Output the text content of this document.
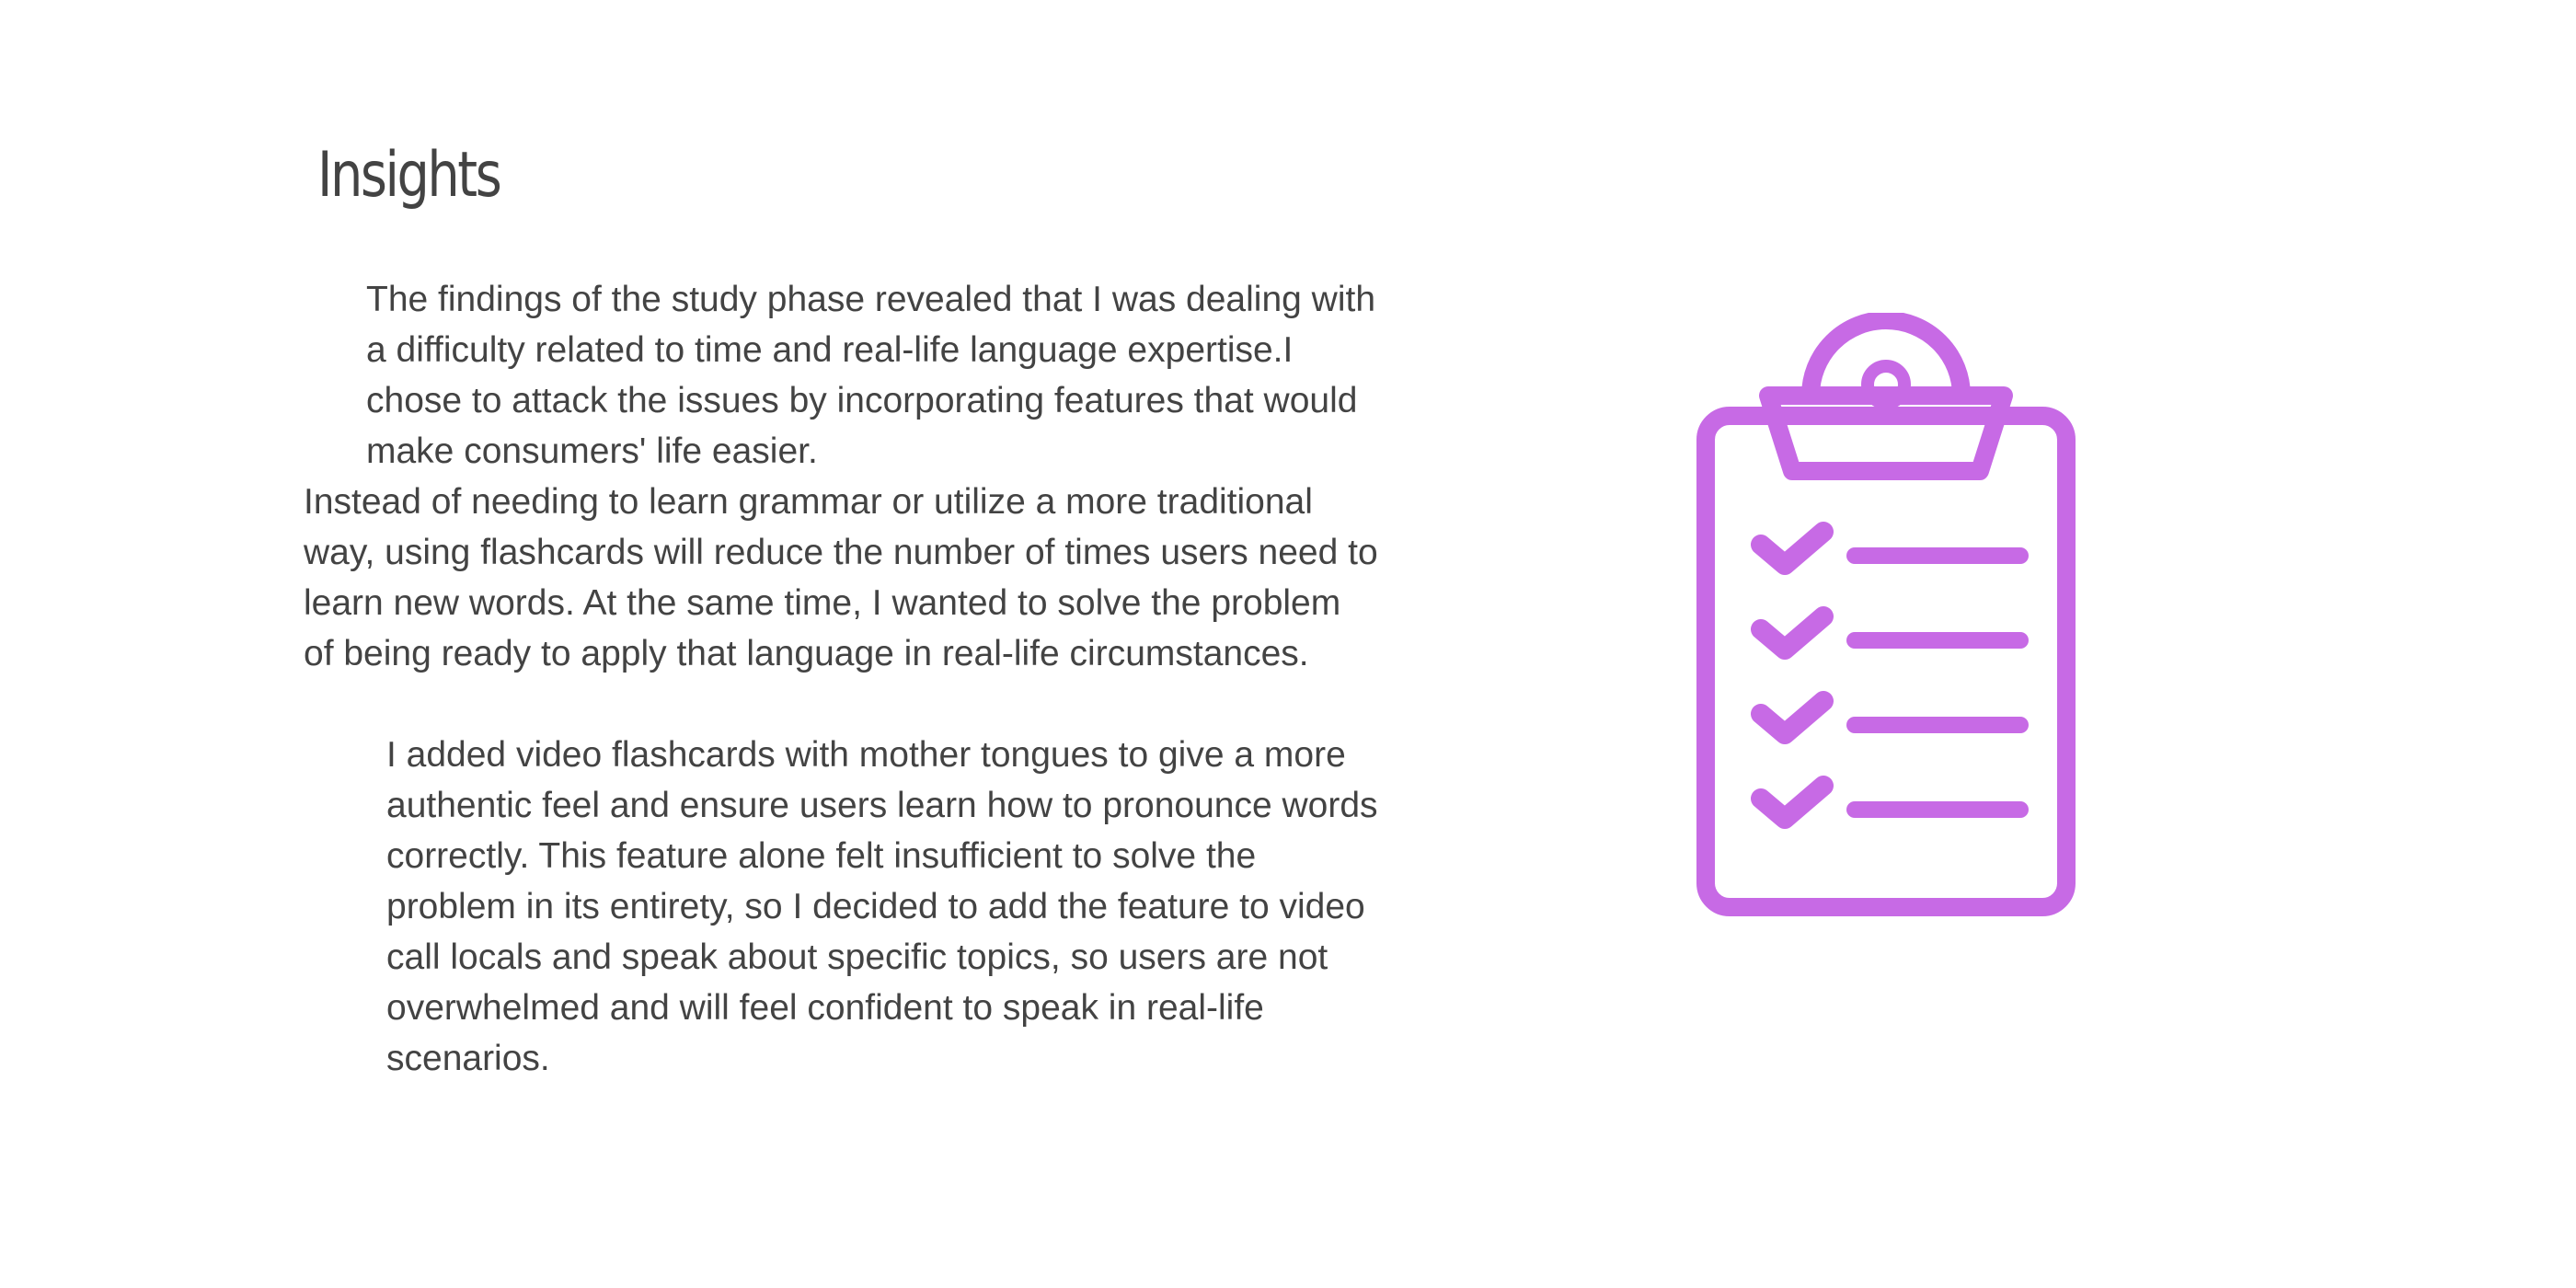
Insights

The findings of the study phase revealed that I was dealing with a difficulty related to time and real-life language expertise.I chose to attack the issues by incorporating features that would make consumers' life easier.

Instead of needing to learn grammar or utilize a more traditional way, using flashcards will reduce the number of times users need to learn new words. At the same time, I wanted to solve the problem of being ready to apply that language in real-life circumstances.

I added video flashcards with mother tongues to give a more authentic feel and ensure users learn how to pronounce words correctly. This feature alone felt insufficient to solve the problem in its entirety, so I decided to add the feature to video call locals and speak about specific topics, so users are not overwhelmed and will feel confident to speak in real-life scenarios.
